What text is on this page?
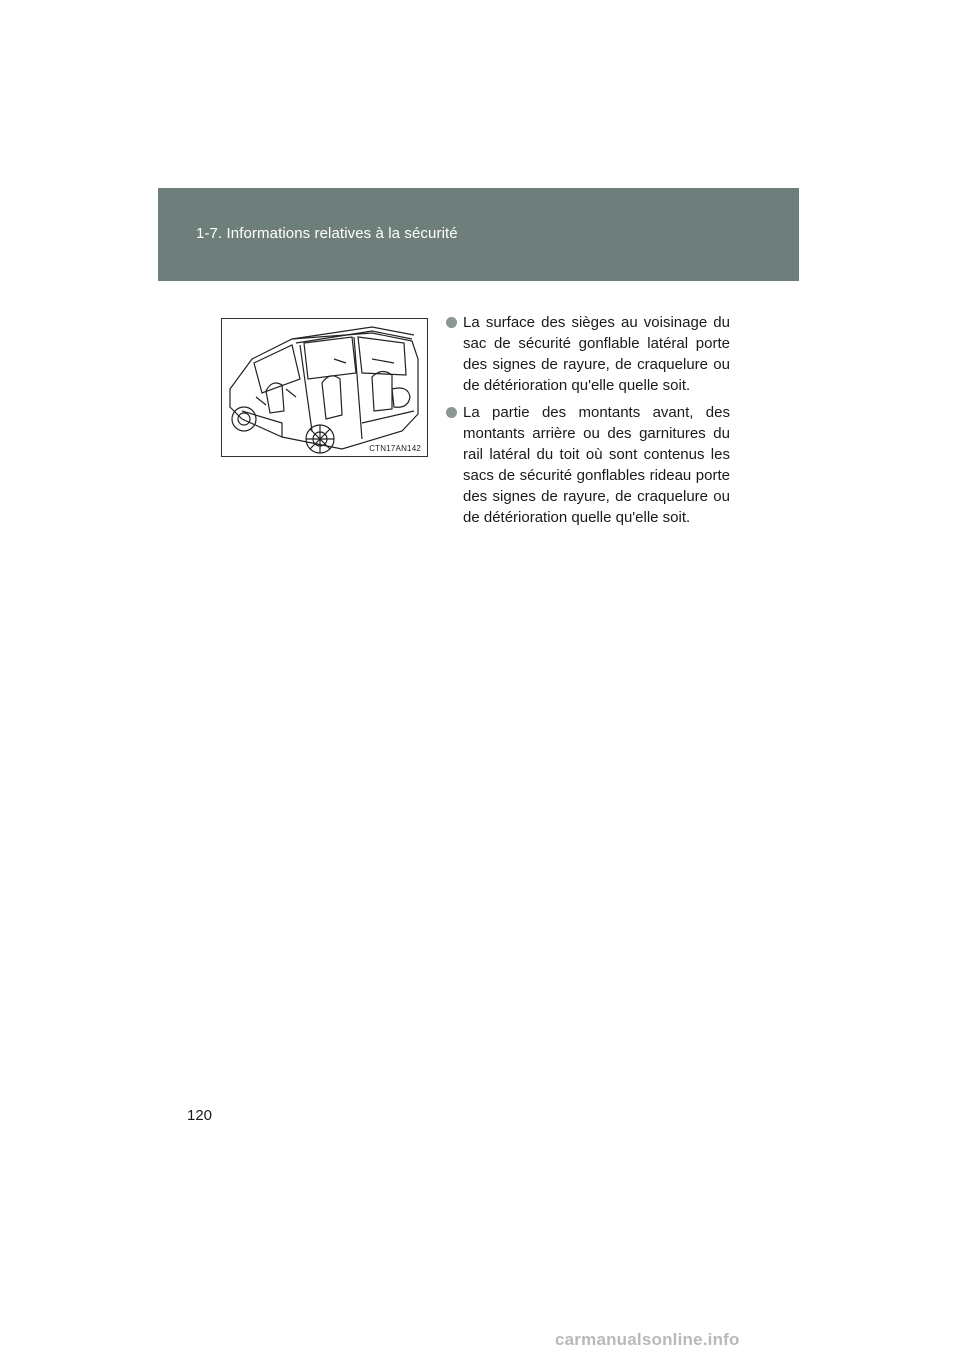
1-7. Informations relatives à la sécurité
CTN17AN142
La surface des sièges au voisinage du sac de sécurité gonflable latéral porte des signes de rayure, de craquelure ou de détérioration qu'elle quelle soit.
La partie des montants avant, des montants arrière ou des garnitures du rail latéral du toit où sont contenus les sacs de sécurité gonflables rideau porte des signes de rayure, de craquelure ou de détérioration quelle qu'elle soit.
120
carmanualsonline.info
